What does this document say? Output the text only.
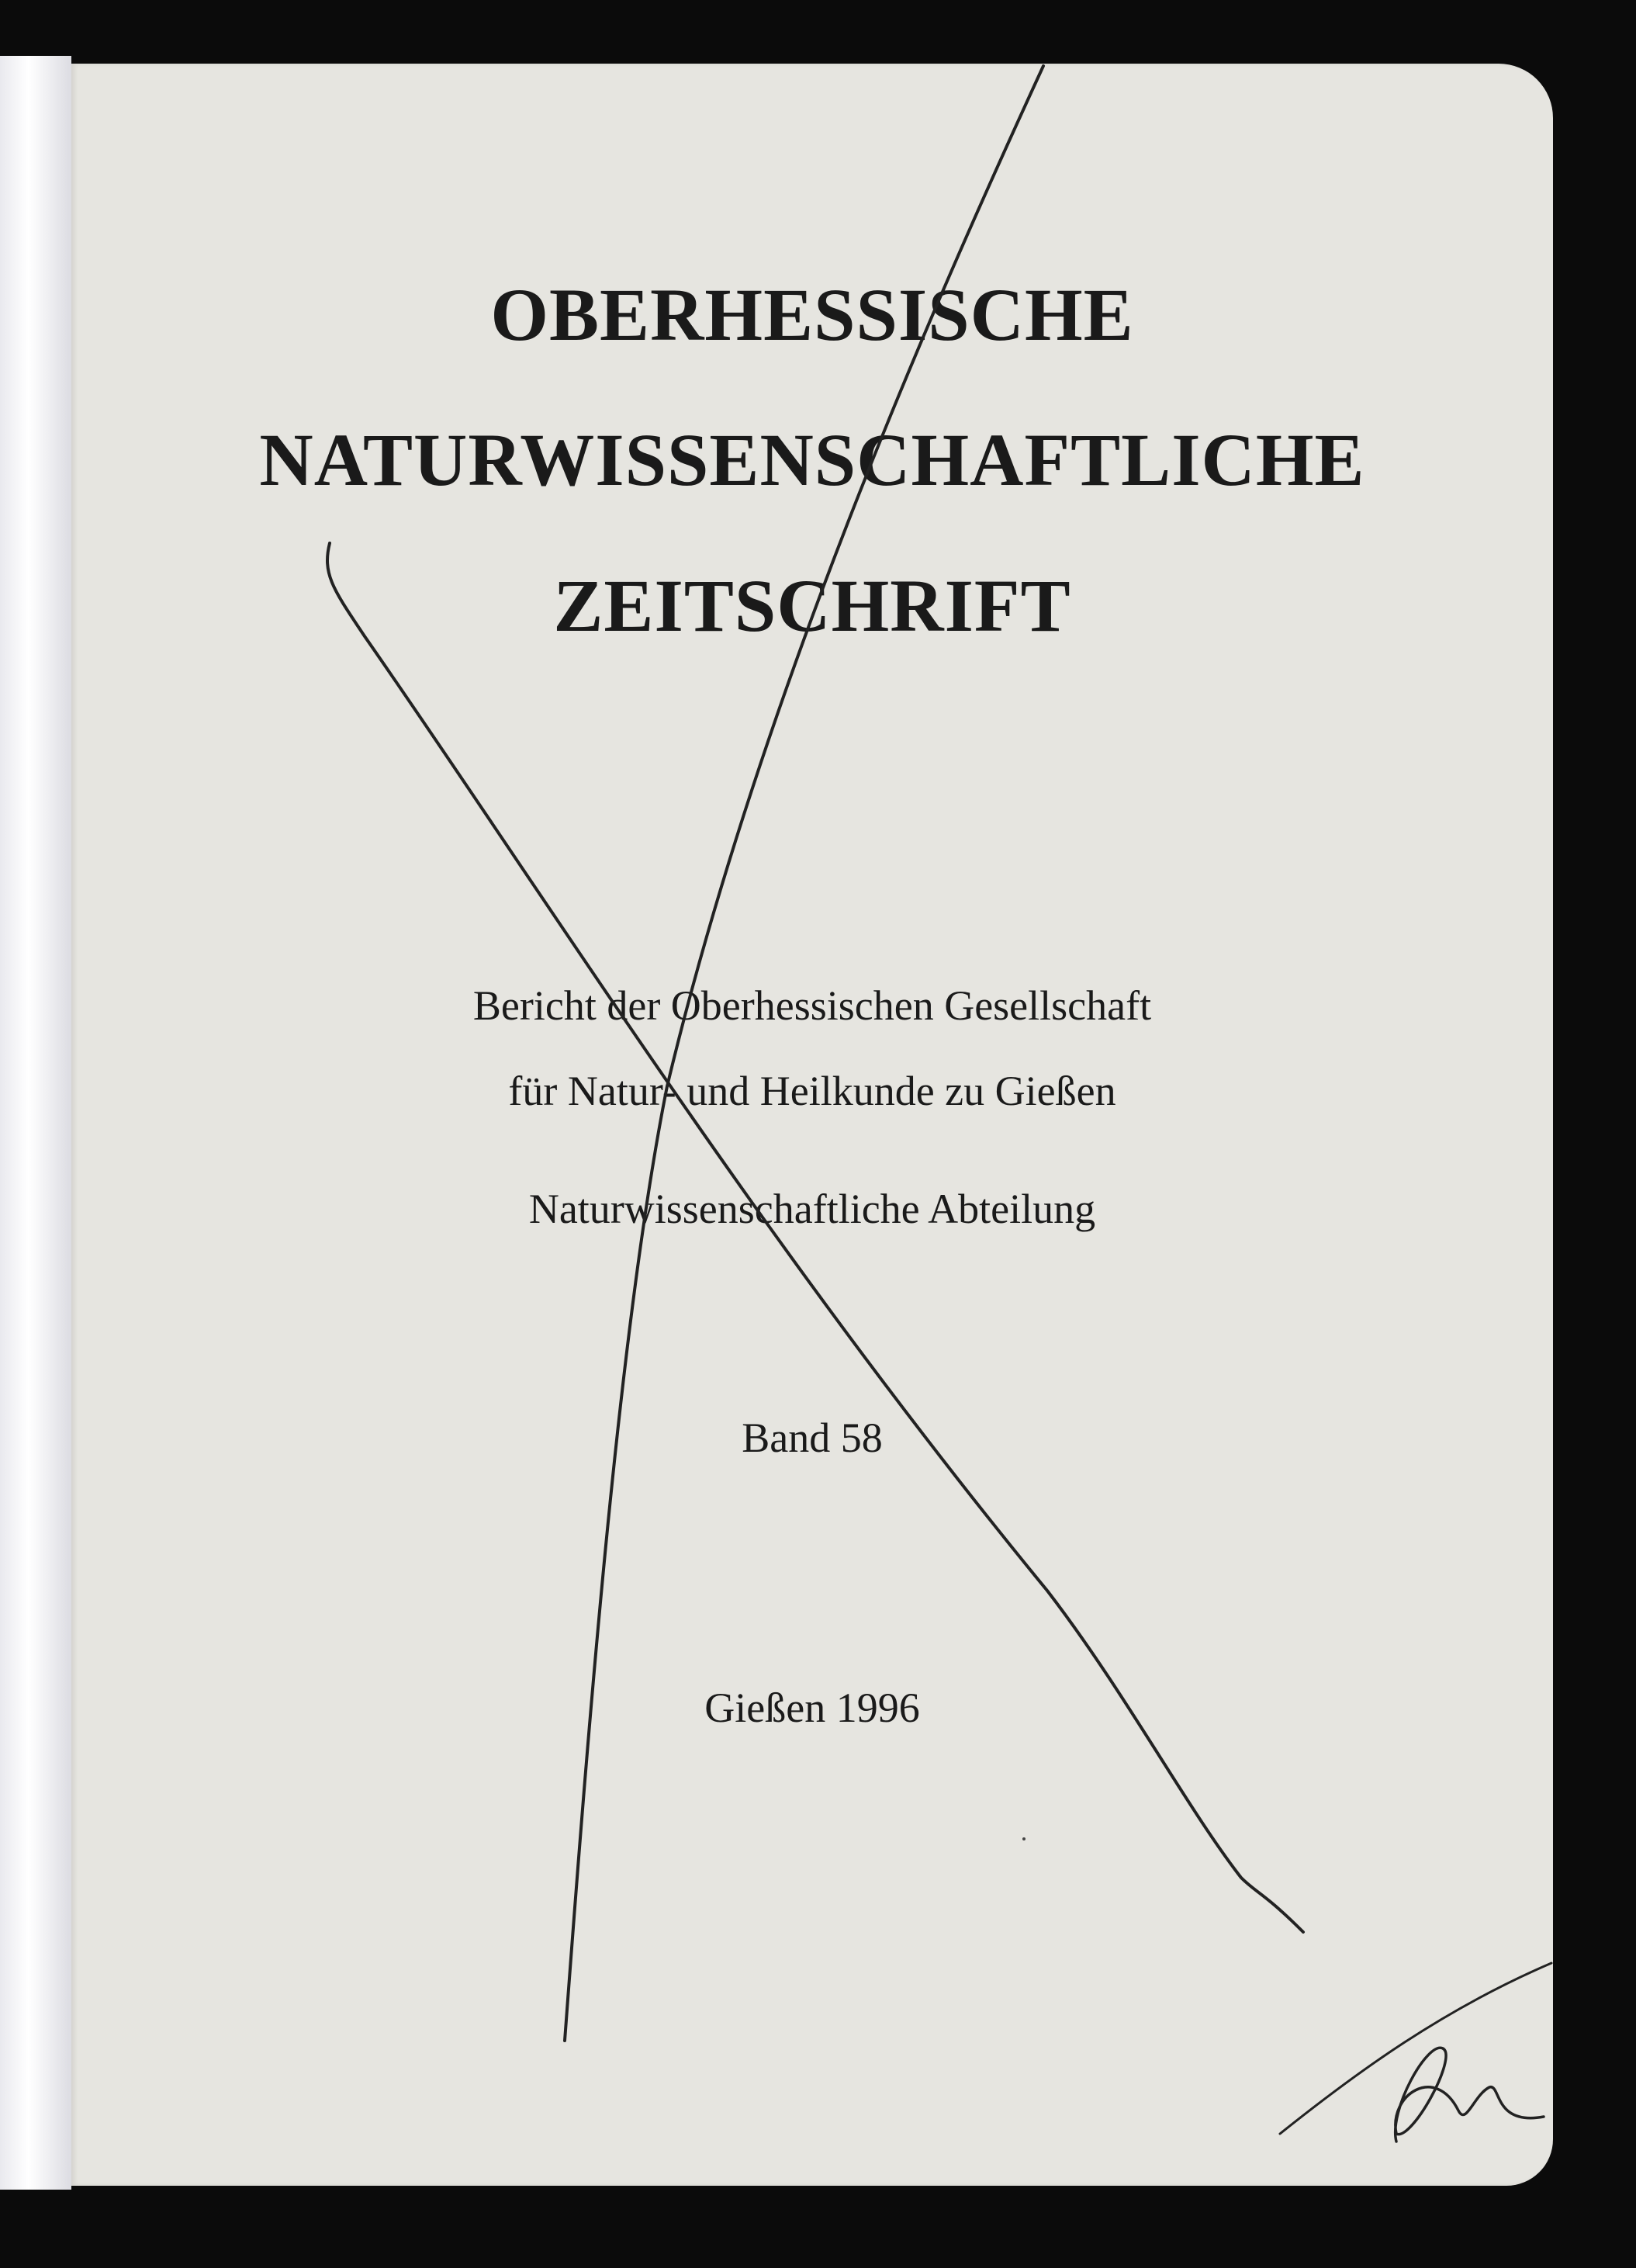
OBERHESSISCHE
NATURWISSENSCHAFTLICHE
ZEITSCHRIFT
Bericht der Oberhessischen Gesellschaft
für Natur- und Heilkunde zu Gießen
Naturwissenschaftliche Abteilung
Band 58
Gießen 1996
